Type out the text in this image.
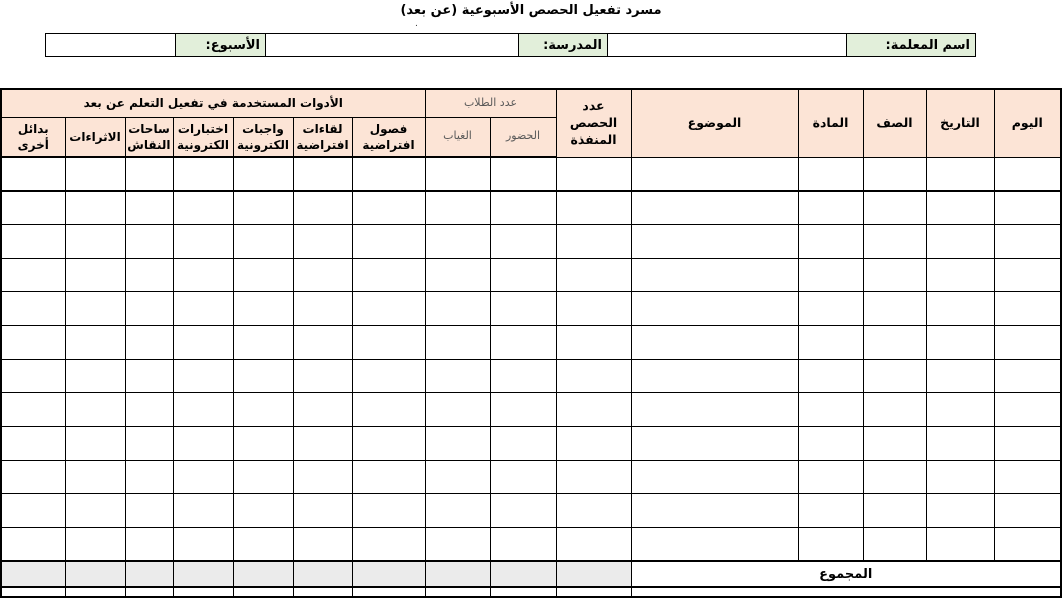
مسرد تفعيل الحصص الأسبوعية (عن بعد)
.
اسم المعلمة:
المدرسة:
الأسبوع:
اليوم	التاريخ	الصف	المادة	الموضوع	عدد الحصص المنفذة	عدد الطلاب		الأدوات المستخدمة في تفعيل التعلم عن بعد						
						الحضور	الغياب	فصول افتراضية	لقاءات افتراضية	واجبات الكترونية	اختبارات الكترونية	ساحات النقاش	الاثراءات	بدائل أخرى

المجموع														
